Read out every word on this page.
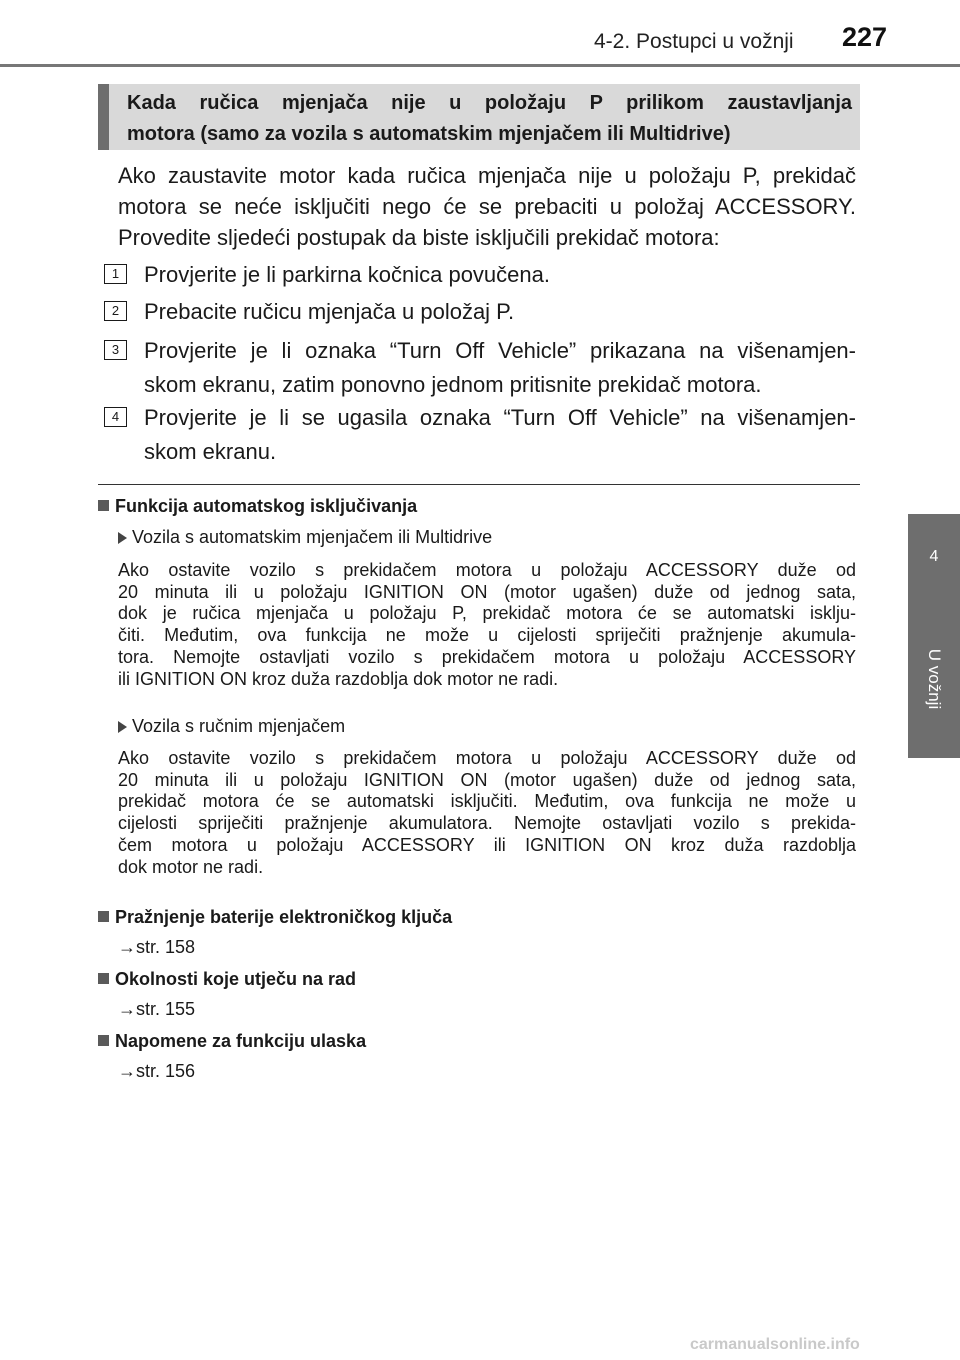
4-2. Postupci u vožnji 227
4
U vožnji
Kada ručica mjenjača nije u položaju P prilikom zaustavljanja
motora (samo za vozila s automatskim mjenjačem ili Multidrive)
Ako zaustavite motor kada ručica mjenjača nije u položaju P, prekidač
motora se neće isključiti nego će se prebaciti u položaj ACCESSORY.
Provedite sljedeći postupak da biste isključili prekidač motora:
1	Provjerite je li parkirna kočnica povučena.
2	Prebacite ručicu mjenjača u položaj P.
3	Provjerite je li oznaka “Turn Off Vehicle” prikazana na višenamjen-
skom ekranu, zatim ponovno jednom pritisnite prekidač motora.
4	Provjerite je li se ugasila oznaka “Turn Off Vehicle” na višenamjen-
skom ekranu.
Funkcija automatskog isključivanja
Vozila s automatskim mjenjačem ili Multidrive
Ako ostavite vozilo s prekidačem motora u položaju ACCESSORY duže od
20 minuta ili u položaju IGNITION ON (motor ugašen) duže od jednog sata,
dok je ručica mjenjača u položaju P, prekidač motora će se automatski isklju-
čiti. Međutim, ova funkcija ne može u cijelosti spriječiti pražnjenje akumula-
tora. Nemojte ostavljati vozilo s prekidačem motora u položaju ACCESSORY
ili IGNITION ON kroz duža razdoblja dok motor ne radi.
Vozila s ručnim mjenjačem
Ako ostavite vozilo s prekidačem motora u položaju ACCESSORY duže od
20 minuta ili u položaju IGNITION ON (motor ugašen) duže od jednog sata,
prekidač motora će se automatski isključiti. Međutim, ova funkcija ne može u
cijelosti spriječiti pražnjenje akumulatora. Nemojte ostavljati vozilo s prekida-
čem motora u položaju ACCESSORY ili IGNITION ON kroz duža razdoblja
dok motor ne radi.
Pražnjenje baterije elektroničkog ključa
→str. 158
Okolnosti koje utječu na rad
→str. 155
Napomene za funkciju ulaska
→str. 156
carmanualsonline.info
